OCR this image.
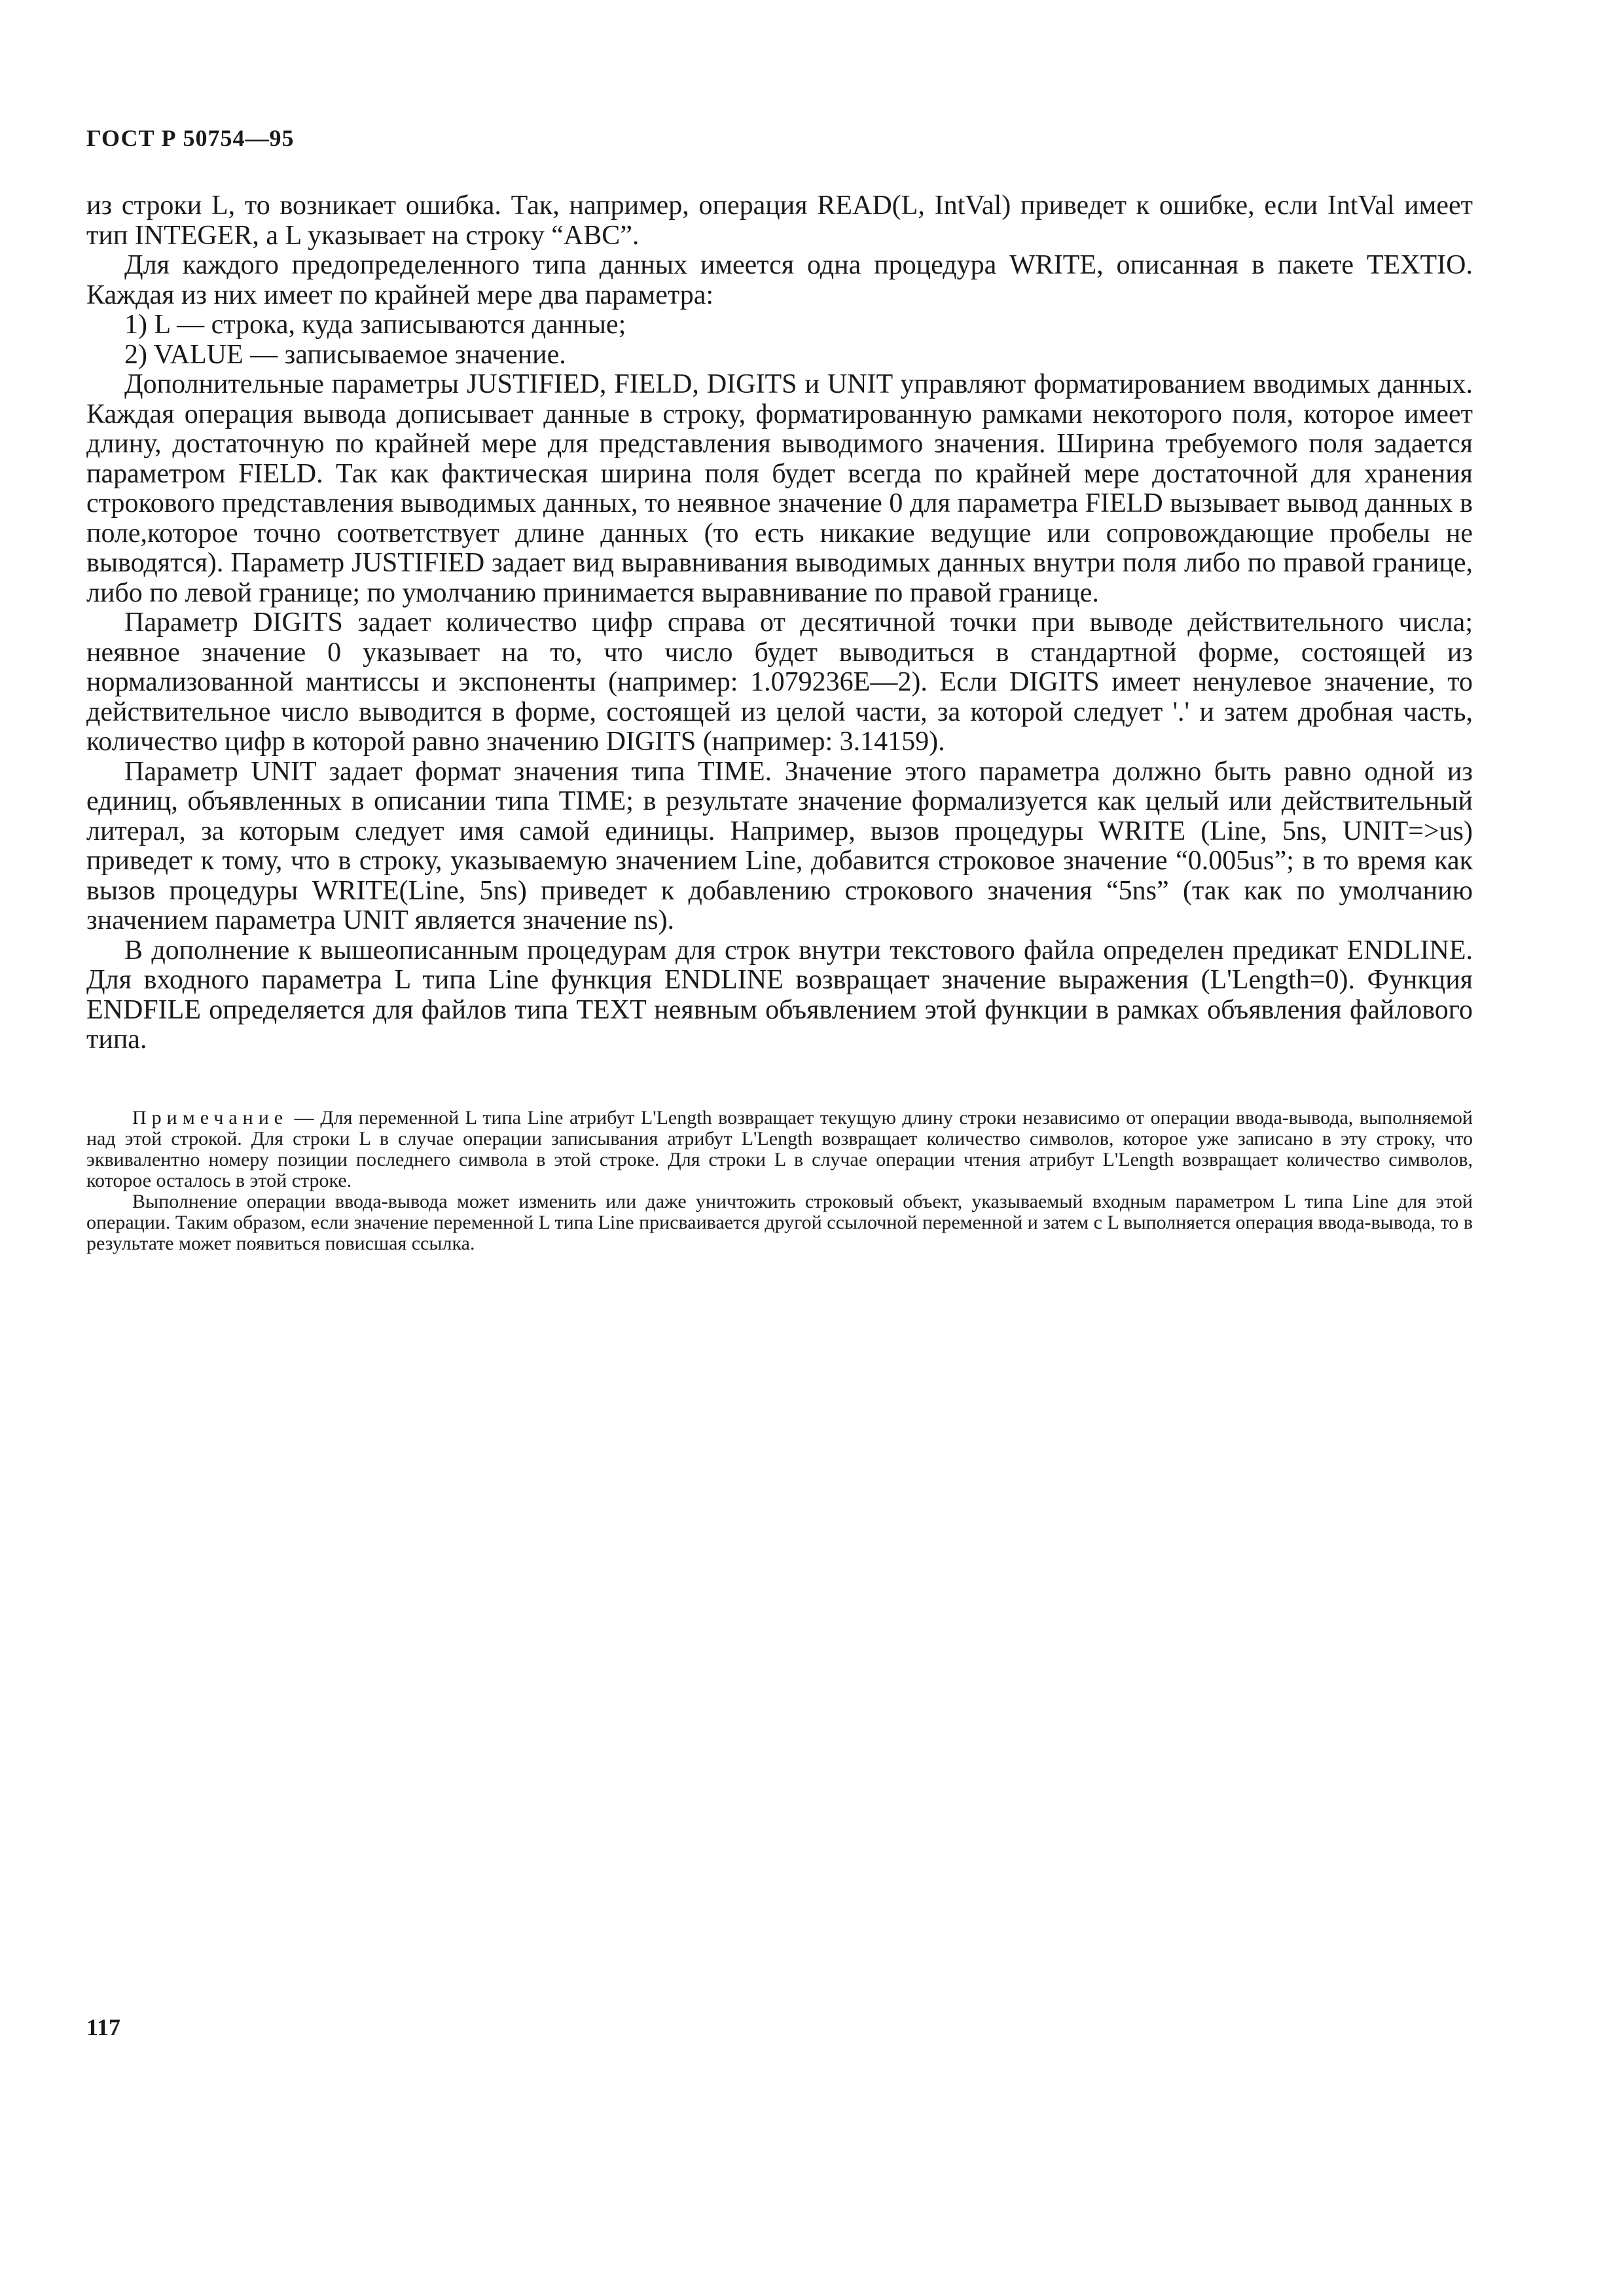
ГОСТ Р 50754—95

из строки L, то возникает ошибка. Так, например, операция READ(L, IntVal) приведет к ошибке, если IntVal имеет тип INTEGER, а L указывает на строку “ABC”.

Для каждого предопределенного типа данных имеется одна процедура WRITE, описанная в пакете TEXTIO. Каждая из них имеет по крайней мере два параметра:

1) L — строка, куда записываются данные;

2) VALUE — записываемое значение.

Дополнительные параметры JUSTIFIED, FIELD, DIGITS и UNIT управляют форматированием вводимых данных. Каждая операция вывода дописывает данные в строку, форматированную рамками некоторого поля, которое имеет длину, достаточную по крайней мере для представления выводимого значения. Ширина требуемого поля задается параметром FIELD. Так как фактическая ширина поля будет всегда по крайней мере достаточной для хранения строкового представления выводимых данных, то неявное значение 0 для параметра FIELD вызывает вывод данных в поле,которое точно соответствует длине данных (то есть никакие ведущие или сопровождающие пробелы не выводятся). Параметр JUSTIFIED задает вид выравнивания выводимых данных внутри поля либо по правой границе, либо по левой границе; по умолчанию принимается выравнивание по правой границе.

Параметр DIGITS задает количество цифр справа от десятичной точки при выводе действительного числа; неявное значение 0 указывает на то, что число будет выводиться в стандартной форме, состоящей из нормализованной мантиссы и экспоненты (например: 1.079236E—2). Если DIGITS имеет ненулевое значение, то действительное число выводится в форме, состоящей из целой части, за которой следует '.' и затем дробная часть, количество цифр в которой равно значению DIGITS (например: 3.14159).

Параметр UNIT задает формат значения типа TIME. Значение этого параметра должно быть равно одной из единиц, объявленных в описании типа TIME; в результате значение формализуется как целый или действительный литерал, за которым следует имя самой единицы. Например, вызов процедуры WRITE (Line, 5ns, UNIT=>us) приведет к тому, что в строку, указываемую значением Line, добавится строковое значение “0.005us”; в то время как вызов процедуры WRITE(Line, 5ns) приведет к добавлению строкового значения “5ns” (так как по умолчанию значением параметра UNIT является значение ns).

В дополнение к вышеописанным процедурам для строк внутри текстового файла определен предикат ENDLINE. Для входного параметра L типа Line функция ENDLINE возвращает значение выражения (L'Length=0). Функция ENDFILE определяется для файлов типа TEXT неявным объявлением этой функции в рамках объявления файлового типа.

Примечание — Для переменной L типа Line атрибут L'Length возвращает текущую длину строки независимо от операции ввода-вывода, выполняемой над этой строкой. Для строки L в случае операции записывания атрибут L'Length возвращает количество символов, которое уже записано в эту строку, что эквивалентно номеру позиции последнего символа в этой строке. Для строки L в случае операции чтения атрибут L'Length возвращает количество символов, которое осталось в этой строке.

Выполнение операции ввода-вывода может изменить или даже уничтожить строковый объект, указываемый входным параметром L типа Line для этой операции. Таким образом, если значение переменной L типа Line присваивается другой ссылочной переменной и затем с L выполняется операция ввода-вывода, то в результате может появиться повисшая ссылка.

117
